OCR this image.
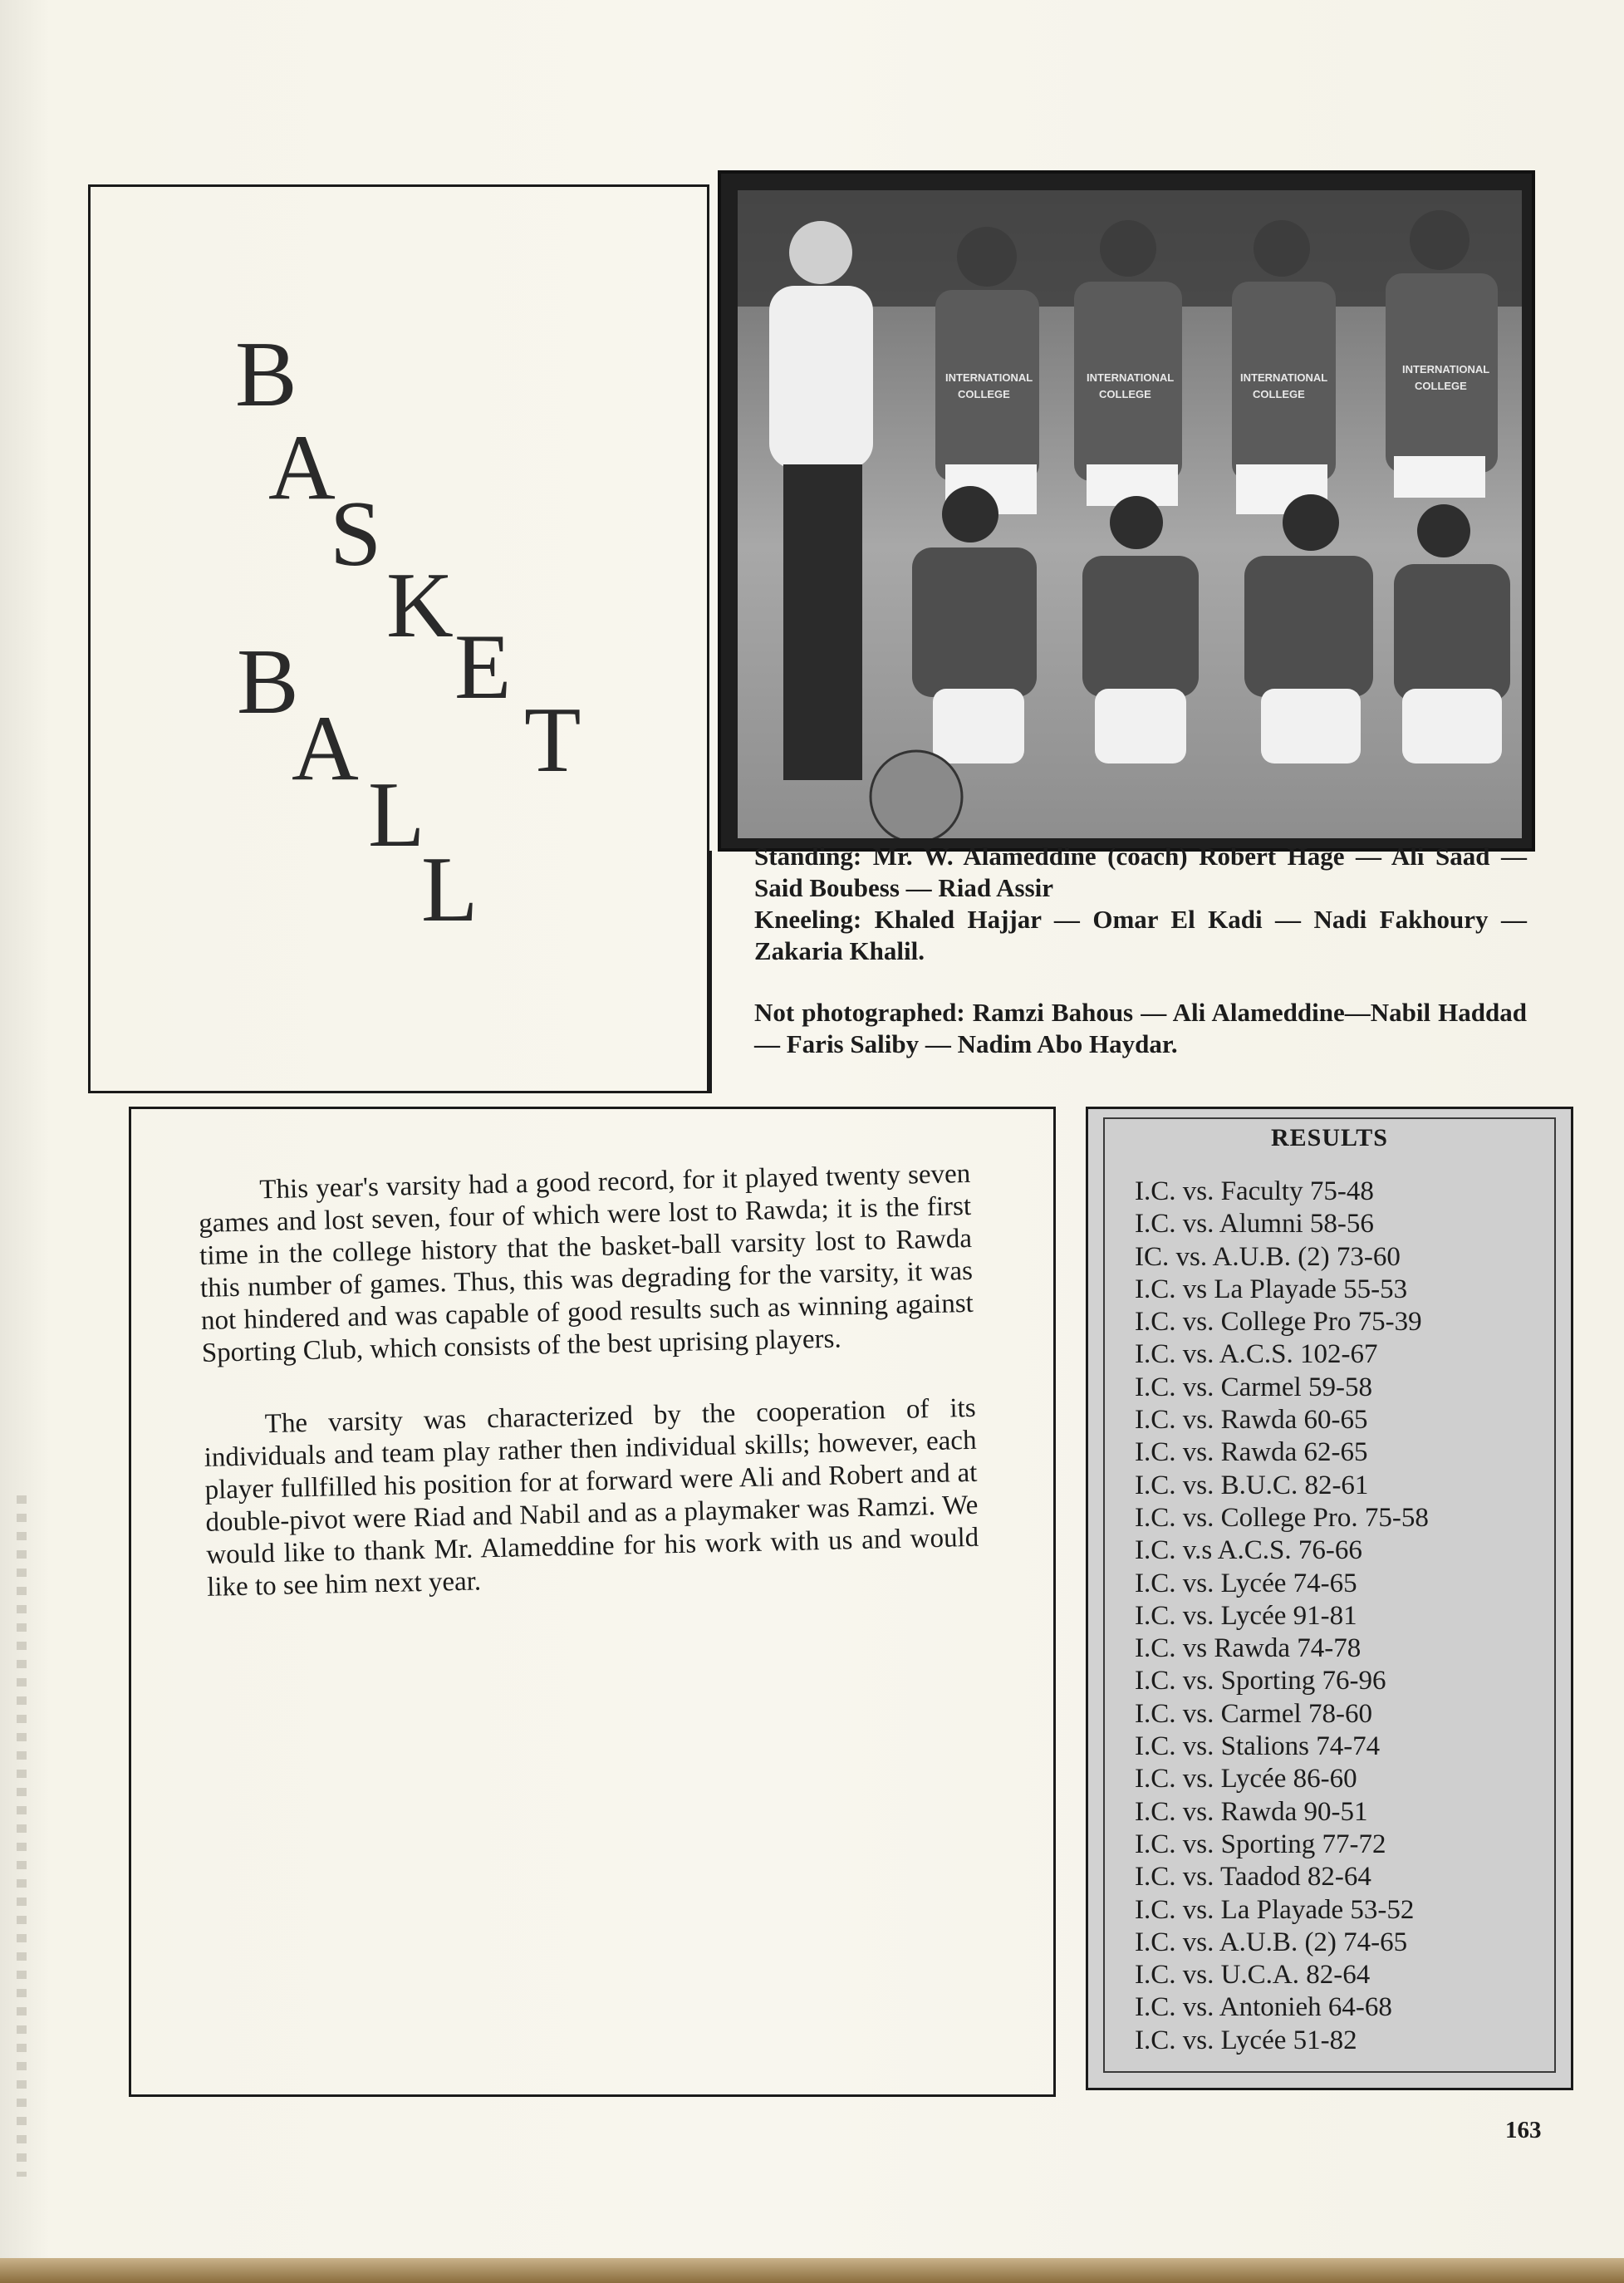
B
A
S
K
E
T
B
A
L
L
INTERNATIONAL
COLLEGE
INTERNATIONAL
COLLEGE
INTERNATIONAL
COLLEGE
INTERNATIONAL
COLLEGE

Standing: Mr. W. Alameddine (coach) Robert Hage — Ali Saad — Said Boubess — Riad Assir

Kneeling: Khaled Hajjar — Omar El Kadi — Nadi Fakhoury — Zakaria Khalil.

Not photographed: Ramzi Bahous — Ali Alameddine—Nabil Haddad — Faris Saliby — Nadim Abo Haydar.

This year's varsity had a good record, for it played twenty seven games and lost seven, four of which were lost to Rawda; it is the first time in the college history that the basket-ball varsity lost to Rawda this number of games. Thus, this was degrading for the varsity, it was not hindered and was capable of good results such as winning against Sporting Club, which consists of the best uprising players.

The varsity was characterized by the cooperation of its individuals and team play rather then individual skills; however, each player fullfilled his position for at forward were Ali and Robert and at double-pivot were Riad and Nabil and as a playmaker was Ramzi. We would like to thank Mr. Alameddine for his work with us and would like to see him next year.

RESULTS
I.C. vs. Faculty 75-48
I.C. vs. Alumni 58-56
IC. vs. A.U.B. (2) 73-60
I.C. vs La Playade 55-53
I.C. vs. College Pro 75-39
I.C. vs. A.C.S. 102-67
I.C. vs. Carmel 59-58
I.C. vs. Rawda 60-65
I.C. vs. Rawda 62-65
I.C. vs. B.U.C. 82-61
I.C. vs. College Pro. 75-58
I.C. v.s A.C.S. 76-66
I.C. vs. Lycée 74-65
I.C. vs. Lycée 91-81
I.C. vs Rawda 74-78
I.C. vs. Sporting 76-96
I.C. vs. Carmel 78-60
I.C. vs. Stalions 74-74
I.C. vs. Lycée 86-60
I.C. vs. Rawda 90-51
I.C. vs. Sporting 77-72
I.C. vs. Taadod 82-64
I.C. vs. La Playade 53-52
I.C. vs. A.U.B. (2) 74-65
I.C. vs. U.C.A. 82-64
I.C. vs. Antonieh 64-68
I.C. vs. Lycée 51-82
163
